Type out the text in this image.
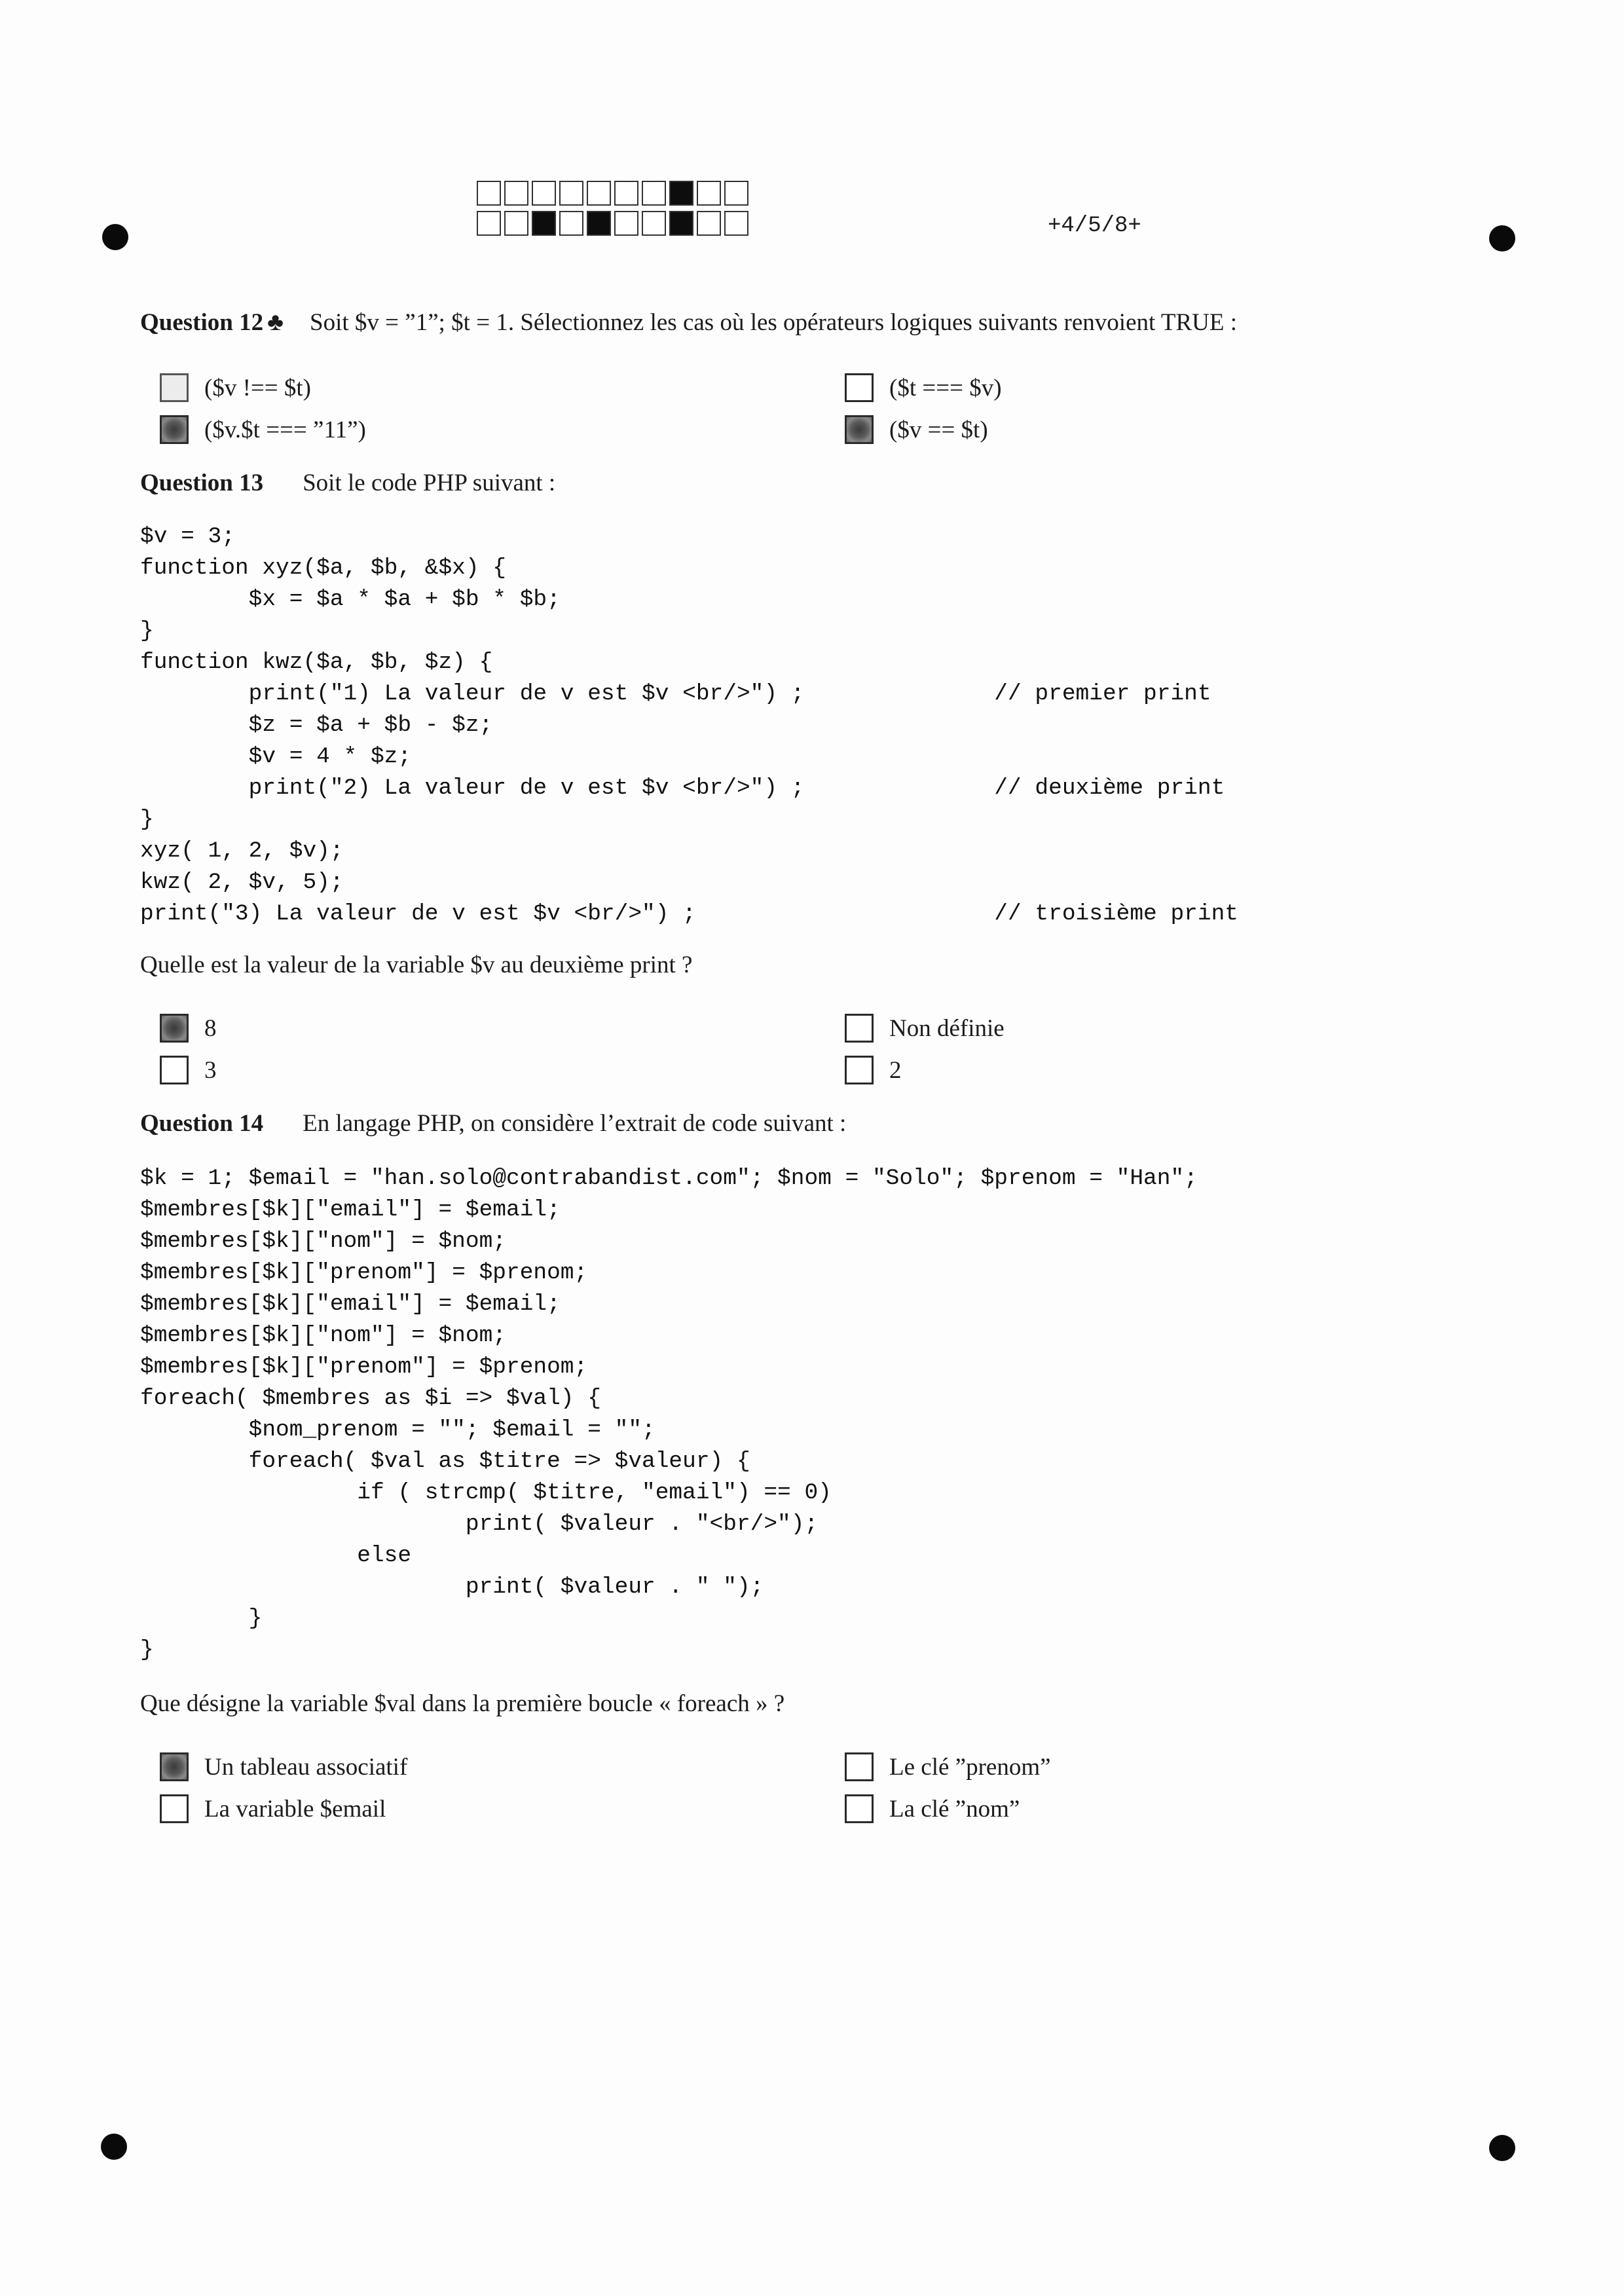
+4/5/8+
Question 12 ♣ Soit $v = ”1”; $t = 1. Sélectionnez les cas où les opérateurs logiques suivants renvoient TRUE :
($v !== $t)	($t === $v)
($v.$t === ”11”)	($v == $t)
Question 13 Soit le code PHP suivant :
$v = 3;
function xyz($a, $b, &$x) {
$x = $a * $a + $b * $b;
}
function kwz($a, $b, $z) {
print("1) La valeur de v est $v <br/>") ;              // premier print
$z = $a + $b - $z;
$v = 4 * $z;
print("2) La valeur de v est $v <br/>") ;              // deuxième print
}
xyz( 1, 2, $v);
kwz( 2, $v, 5);
print("3) La valeur de v est $v <br/>") ;                      // troisième print
Quelle est la valeur de la variable $v au deuxième print ?
8	Non définie
3	2
Question 14 En langage PHP, on considère l’extrait de code suivant :
$k = 1; $email = "han.solo@contrabandist.com"; $nom = "Solo"; $prenom = "Han";
$membres[$k]["email"] = $email;
$membres[$k]["nom"] = $nom;
$membres[$k]["prenom"] = $prenom;
$membres[$k]["email"] = $email;
$membres[$k]["nom"] = $nom;
$membres[$k]["prenom"] = $prenom;
foreach( $membres as $i => $val) {
$nom_prenom = ""; $email = "";
foreach( $val as $titre => $valeur) {
if ( strcmp( $titre, "email") == 0)
print( $valeur . "<br/>");
else
print( $valeur . " ");
}
}
Que désigne la variable $val dans la première boucle « foreach » ?
Un tableau associatif	Le clé ”prenom”
La variable $email	La clé ”nom”
